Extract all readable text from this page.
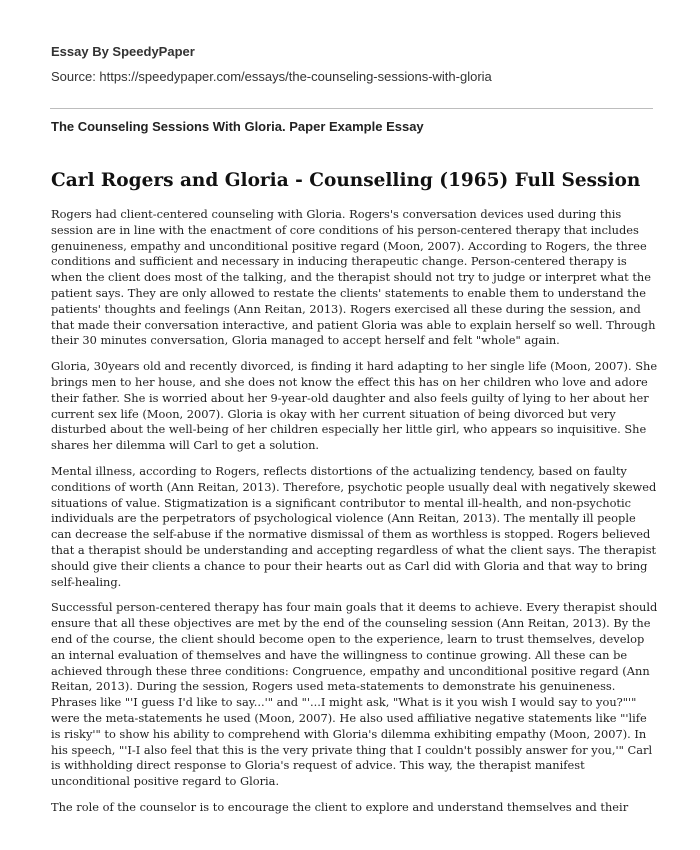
Essay By SpeedyPaper
Source: https://speedypaper.com/essays/the-counseling-sessions-with-gloria
The Counseling Sessions With Gloria. Paper Example Essay
Carl Rogers and Gloria - Counselling (1965) Full Session

Rogers had client-centered counseling with Gloria. Rogers's conversation devices used during this session are in line with the enactment of core conditions of his person-centered therapy that includes genuineness, empathy and unconditional positive regard (Moon, 2007). According to Rogers, the three conditions and sufficient and necessary in inducing therapeutic change. Person-centered therapy is when the client does most of the talking, and the therapist should not try to judge or interpret what the patient says. They are only allowed to restate the clients' statements to enable them to understand the patients' thoughts and feelings (Ann Reitan, 2013). Rogers exercised all these during the session, and that made their conversation interactive, and patient Gloria was able to explain herself so well. Through their 30 minutes conversation, Gloria managed to accept herself and felt "whole" again.

Gloria, 30years old and recently divorced, is finding it hard adapting to her single life (Moon, 2007). She brings men to her house, and she does not know the effect this has on her children who love and adore their father. She is worried about her 9-year-old daughter and also feels guilty of lying to her about her current sex life (Moon, 2007). Gloria is okay with her current situation of being divorced but very disturbed about the well-being of her children especially her little girl, who appears so inquisitive. She shares her dilemma will Carl to get a solution.

Mental illness, according to Rogers, reflects distortions of the actualizing tendency, based on faulty conditions of worth (Ann Reitan, 2013). Therefore, psychotic people usually deal with negatively skewed situations of value. Stigmatization is a significant contributor to mental ill-health, and non-psychotic individuals are the perpetrators of psychological violence (Ann Reitan, 2013). The mentally ill people can decrease the self-abuse if the normative dismissal of them as worthless is stopped. Rogers believed that a therapist should be understanding and accepting regardless of what the client says. The therapist should give their clients a chance to pour their hearts out as Carl did with Gloria and that way to bring self-healing.

Successful person-centered therapy has four main goals that it deems to achieve. Every therapist should ensure that all these objectives are met by the end of the counseling session (Ann Reitan, 2013). By the end of the course, the client should become open to the experience, learn to trust themselves, develop an internal evaluation of themselves and have the willingness to continue growing. All these can be achieved through these three conditions: Congruence, empathy and unconditional positive regard (Ann Reitan, 2013). During the session, Rogers used meta-statements to demonstrate his genuineness. Phrases like "'I guess I'd like to say...'" and "'...I might ask, "What is it you wish I would say to you?"'" were the meta-statements he used (Moon, 2007). He also used affiliative negative statements like "'life is risky'" to show his ability to comprehend with Gloria's dilemma exhibiting empathy (Moon, 2007). In his speech, "'I-I also feel that this is the very private thing that I couldn't possibly answer for you,'" Carl is withholding direct response to Gloria's request of advice. This way, the therapist manifest unconditional positive regard to Gloria.

The role of the counselor is to encourage the client to explore and understand themselves and their
